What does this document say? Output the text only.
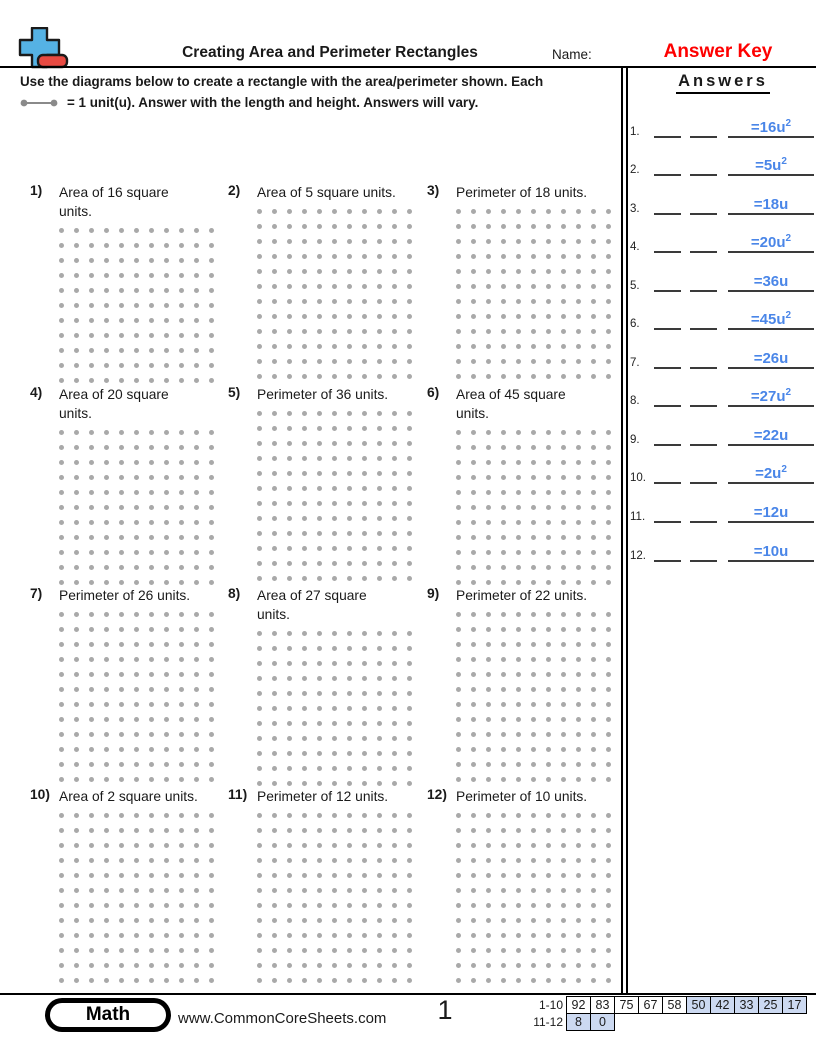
Creating Area and Perimeter Rectangles	Name:	Answer Key
Use the diagrams below to create a rectangle with the area/perimeter shown. Each
= 1 unit(u). Answer with the length and height. Answers will vary.
Answers
1.	$=16u^2$
2.	$=5u^2$
3.	=18u
4.	$=20u^2$
5.	=36u
6.	$=45u^2$
7.	=26u
8.	$=27u^2$
9.	=22u
10.	$=2u^2$
11.	=12u
12.	=10u
1)	Area of 16 square
units.
2)	Area of 5 square units.	3)	Perimeter of 18 units.
4)	Area of 20 square
units.
5)	Perimeter of 36 units.	6)	Area of 45 square
units.
7)	Perimeter of 26 units.	8)	Area of 27 square
units.
9)	Perimeter of 22 units.
10) Area of 2 square units.	11) Perimeter of 12 units.	12) Perimeter of 10 units.
Math	www.CommonCoreSheets.com	1	1-10 92 83 75 67 58 50 42 33 25 17
11-12 8	0
